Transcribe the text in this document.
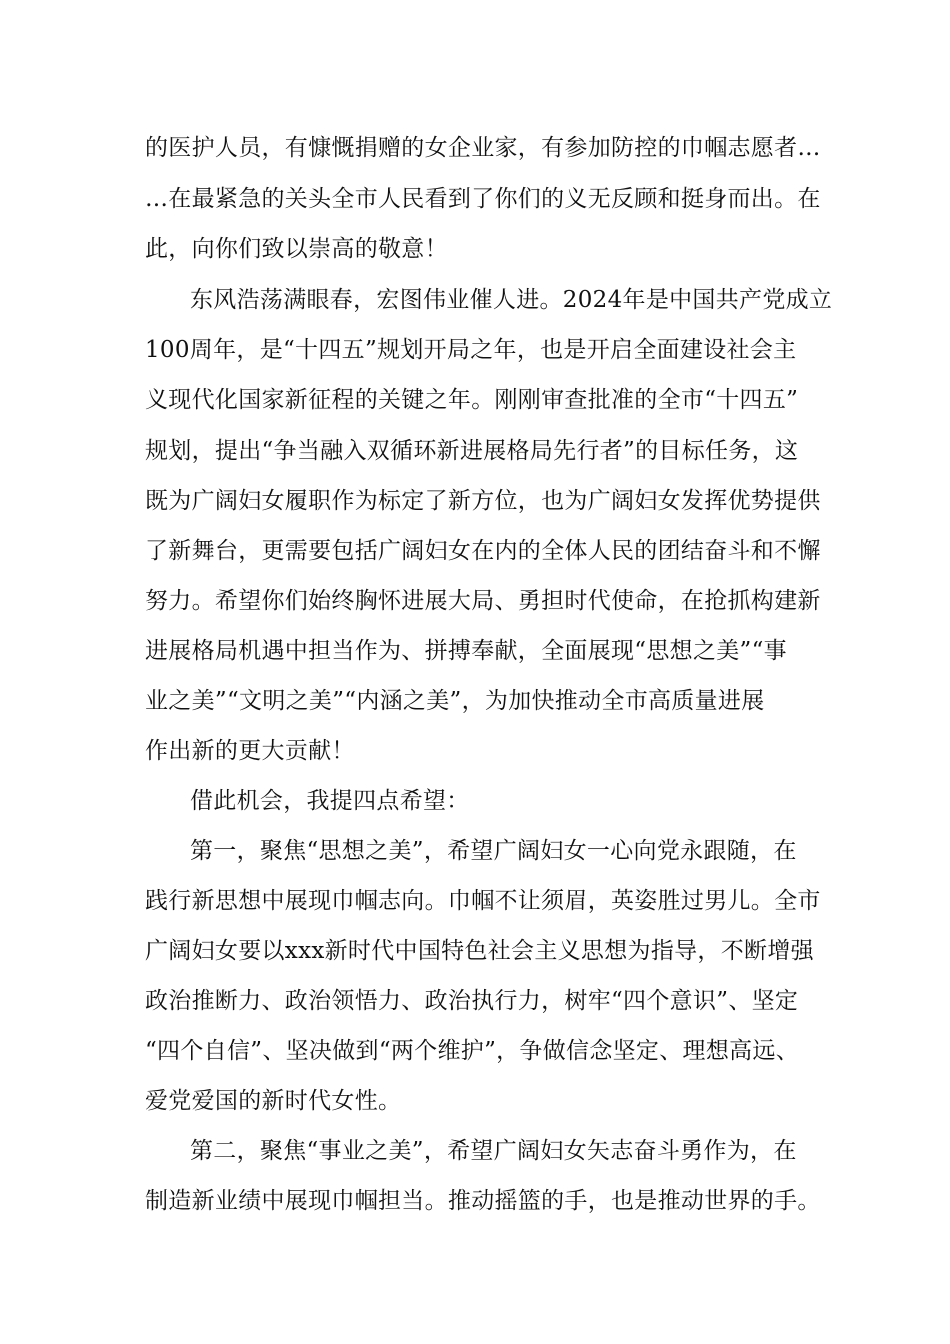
的医护人员，有慷慨捐赠的女企业家，有参加防控的巾帼志愿者…
…在最紧急的关头全市人民看到了你们的义无反顾和挺身而出。在
此，向你们致以崇高的敬意！
东风浩荡满眼春，宏图伟业催人进。2024年是中国共产党成立
100周年，是“十四五”规划开局之年，也是开启全面建设社会主
义现代化国家新征程的关键之年。刚刚审查批准的全市“十四五”
规划，提出“争当融入双循环新进展格局先行者”的目标任务，这
既为广阔妇女履职作为标定了新方位，也为广阔妇女发挥优势提供
了新舞台，更需要包括广阔妇女在内的全体人民的团结奋斗和不懈
努力。希望你们始终胸怀进展大局、勇担时代使命，在抢抓构建新
进展格局机遇中担当作为、拼搏奉献，全面展现“思想之美”“事
业之美”“文明之美”“内涵之美”，为加快推动全市高质量进展
作出新的更大贡献！
借此机会，我提四点希望：
第一，聚焦“思想之美”，希望广阔妇女一心向党永跟随，在
践行新思想中展现巾帼志向。巾帼不让须眉，英姿胜过男儿。全市
广阔妇女要以xxx新时代中国特色社会主义思想为指导，不断增强
政治推断力、政治领悟力、政治执行力，树牢“四个意识”、坚定
“四个自信”、坚决做到“两个维护”，争做信念坚定、理想高远、
爱党爱国的新时代女性。
第二，聚焦“事业之美”，希望广阔妇女矢志奋斗勇作为，在
制造新业绩中展现巾帼担当。推动摇篮的手，也是推动世界的手。
